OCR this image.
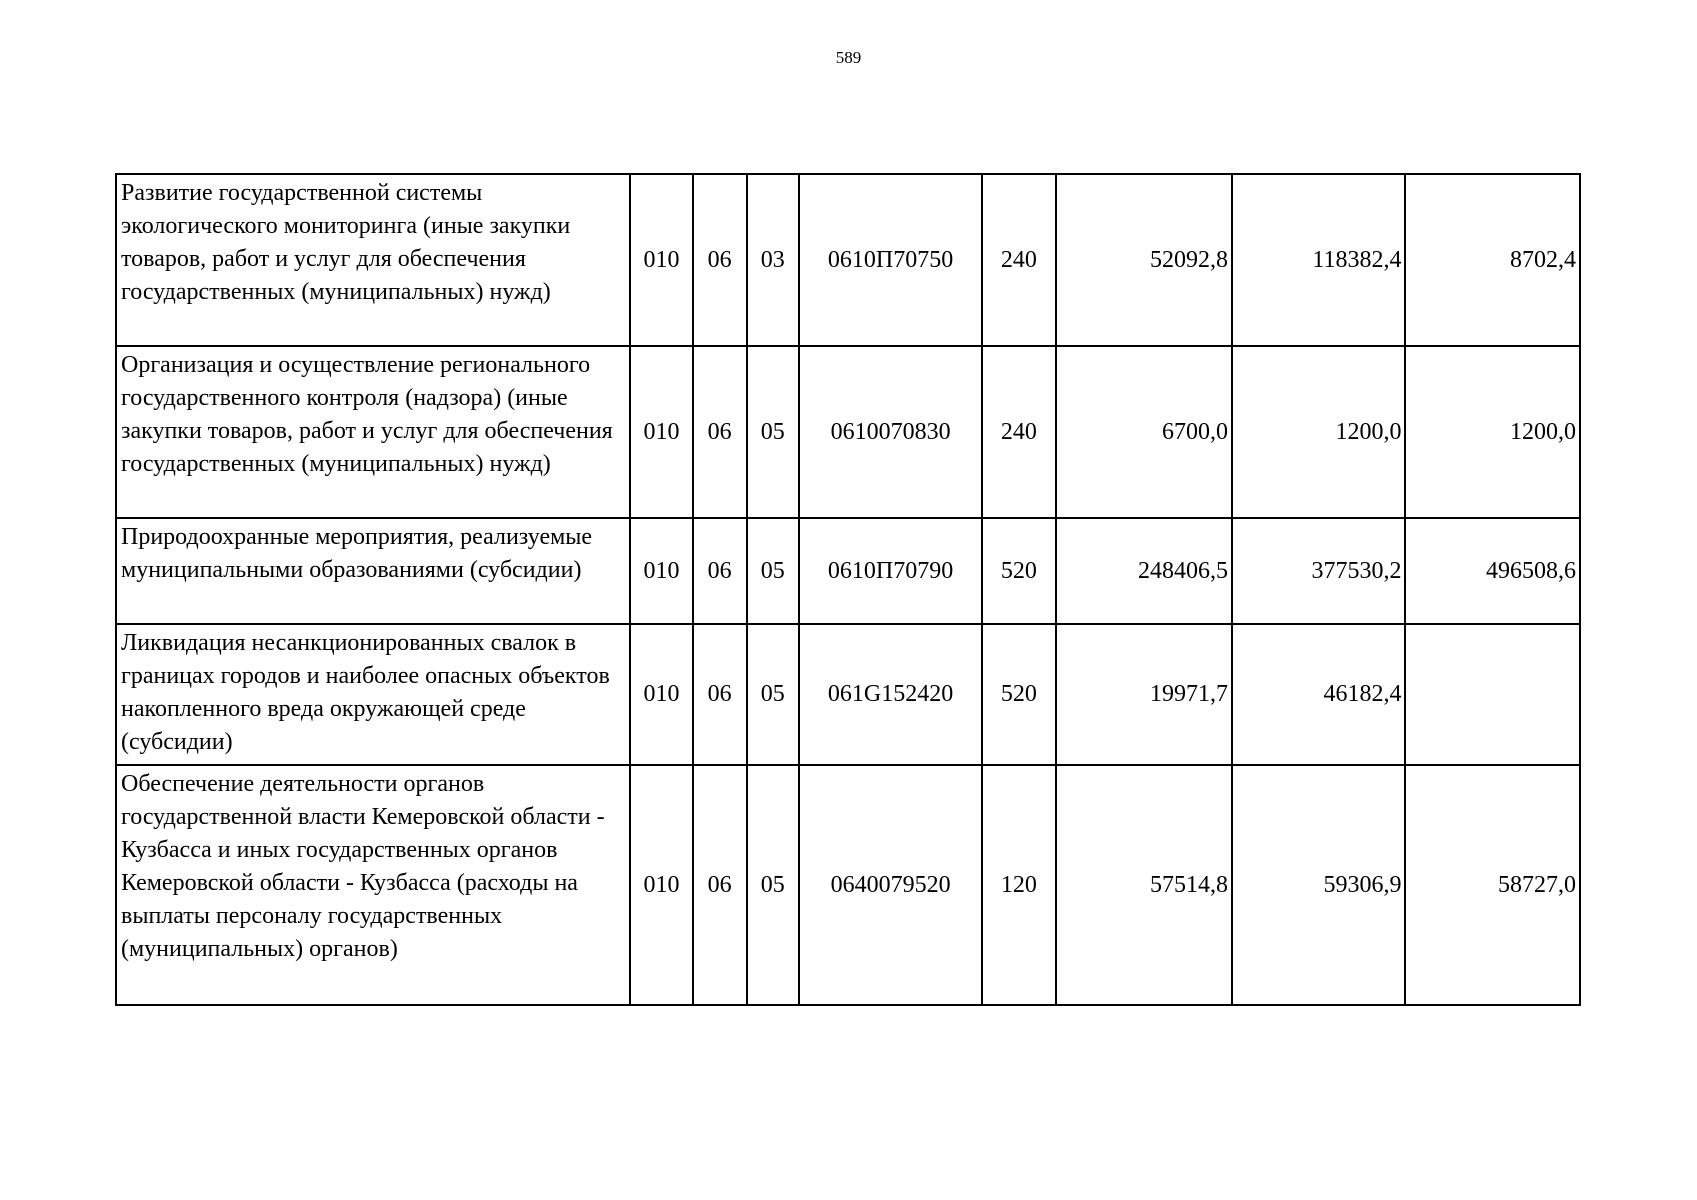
589
Развитие государственной системы экологического мониторинга (иные закупки товаров, работ и услуг для обеспечения государственных (муниципальных) нужд)	010	06	03	0610П70750	240	52092,8	118382,4	8702,4
Организация и осуществление регионального государственного контроля (надзора) (иные закупки товаров, работ и услуг для обеспечения государственных (муниципальных) нужд)	010	06	05	0610070830	240	6700,0	1200,0	1200,0
Природоохранные мероприятия, реализуемые муниципальными образованиями (субсидии)	010	06	05	0610П70790	520	248406,5	377530,2	496508,6
Ликвидация несанкционированных свалок в границах городов и наиболее опасных объектов накопленного вреда окружающей среде (субсидии)	010	06	05	061G152420	520	19971,7	46182,4	
Обеспечение деятельности органов государственной власти Кемеровской области - Кузбасса и иных государственных органов Кемеровской области - Кузбасса (расходы на выплаты персоналу государственных (муниципальных) органов)	010	06	05	0640079520	120	57514,8	59306,9	58727,0
